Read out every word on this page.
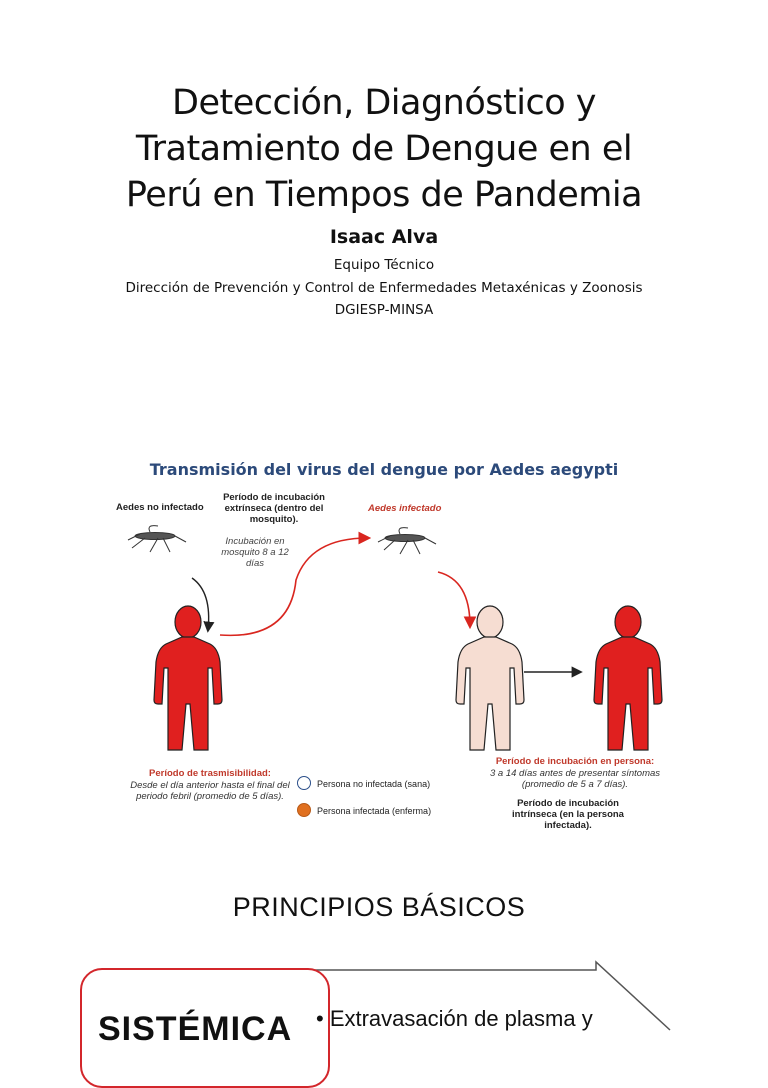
Detección, Diagnóstico y
Tratamiento de Dengue en el
Perú en Tiempos de Pandemia
Isaac Alva
Equipo Técnico
Dirección de Prevención y Control de Enfermedades Metaxénicas y Zoonosis
DGIESP-MINSA
Transmisión del virus del dengue por Aedes aegypti
Aedes no infectado
Período de incubación
extrínseca (dentro del
mosquito).
Incubación en
mosquito 8 a 12
días
Aedes infectado
Período de trasmisibilidad:
Desde el día anterior hasta el final del
periodo febril (promedio de 5 días).
Persona no infectada (sana)
Persona infectada (enferma)
Período de incubación en persona:
3 a 14 días antes de presentar síntomas
(promedio de 5 a 7 días).
Período de incubación
intrínseca (en la persona
infectada).
PRINCIPIOS BÁSICOS
SISTÉMICA • Extravasación de plasma y
